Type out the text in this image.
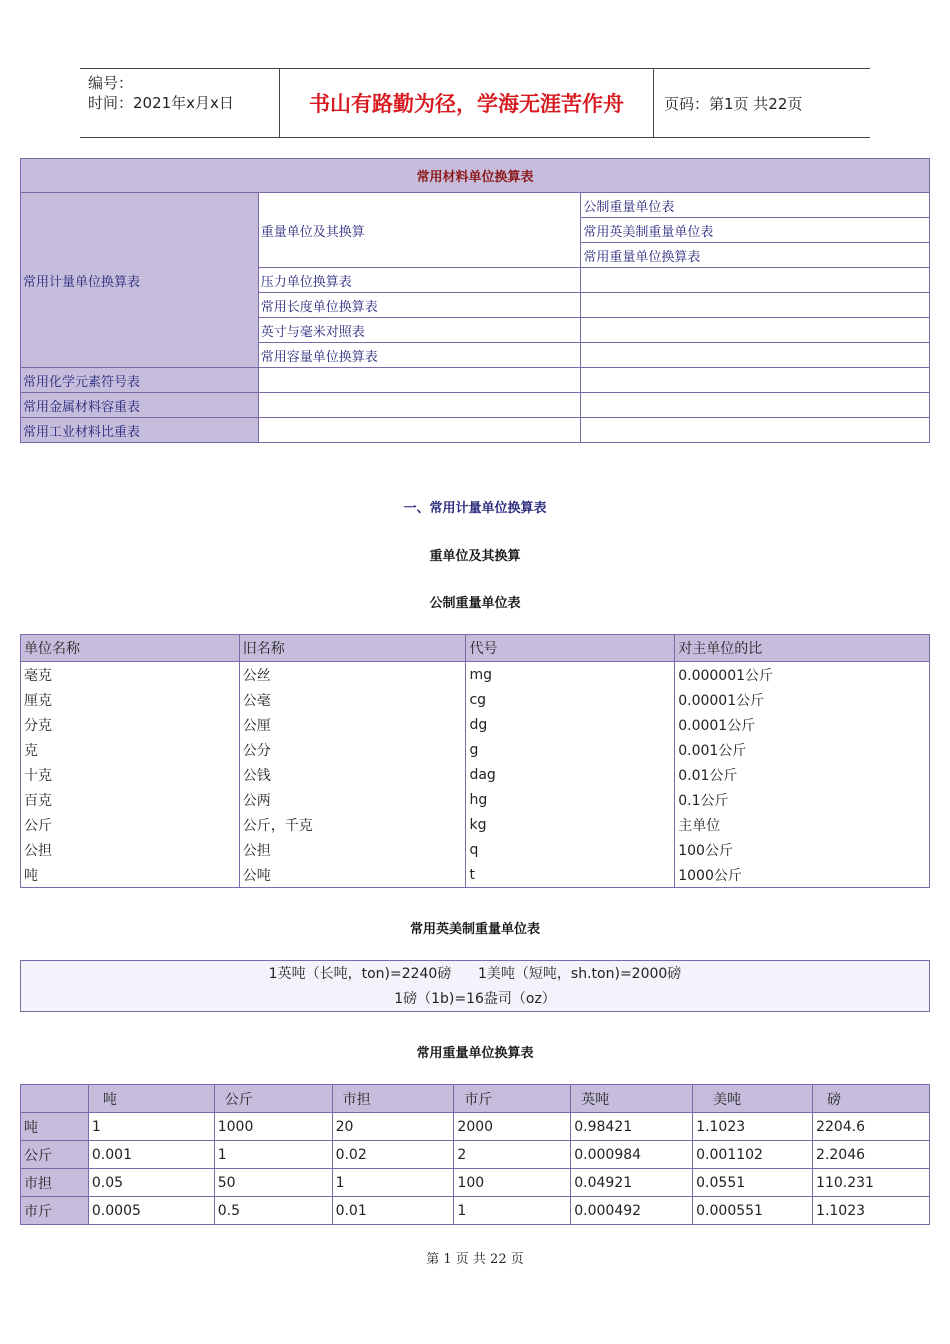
编号：
时间：2021年x月x日	书山有路勤为径，学海无涯苦作舟	页码：第1页 共22页
常用材料单位换算表		
常用计量单位换算表	重量单位及其换算	公制重量单位表
		常用英美制重量单位表
		常用重量单位换算表
	压力单位换算表	
	常用长度单位换算表	
	英寸与毫米对照表	
	常用容量单位换算表	
常用化学元素符号表		
常用金属材料容重表		
常用工业材料比重表		
一、常用计量单位换算表
重单位及其换算
公制重量单位表
单位名称	旧名称	代号	对主单位的比
毫克	公丝	mg	0.000001公斤
厘克	公毫	cg	0.00001公斤
分克	公厘	dg	0.0001公斤
克	公分	g	0.001公斤
十克	公钱	dag	0.01公斤
百克	公两	hg	0.1公斤
公斤	公斤，千克	kg	主单位
公担	公担	q	100公斤
吨	公吨	t	1000公斤
常用英美制重量单位表
1英吨（长吨，ton)=2240磅      1美吨（短吨，sh.ton)=2000磅
1磅（1b)=16盎司（oz）
常用重量单位换算表
	吨	公斤	市担	市斤	英吨	美吨	磅
吨	1	1000	20	2000	0.98421	1.1023	2204.6
公斤	0.001	1	0.02	2	0.000984	0.001102	2.2046
市担	0.05	50	1	100	0.04921	0.0551	110.231
市斤	0.0005	0.5	0.01	1	0.000492	0.000551	1.1023
第 1 页 共 22 页
